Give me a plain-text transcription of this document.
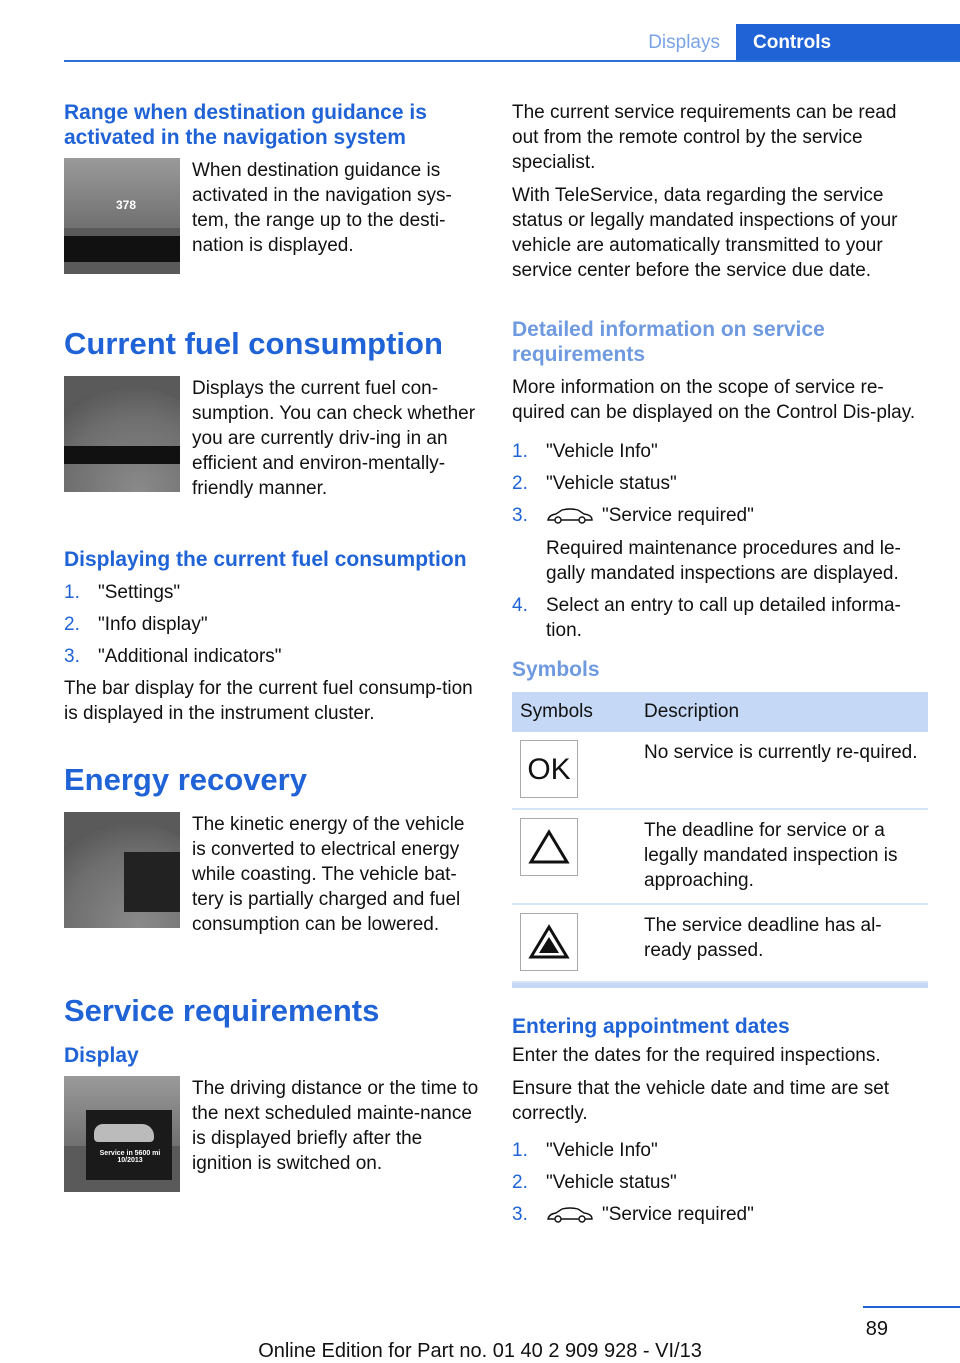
Displays	Controls
Range when destination guidance is activated in the navigation system
378

When destination guidance is activated in the navigation sys-tem, the range up to the desti-nation is displayed.

Current fuel consumption

Displays the current fuel con-sumption. You can check whether you are currently driv-ing in an efficient and environ-mentally-friendly manner.

Displaying the current fuel consumption
1. "Settings"
2. "Info display"
3. "Additional indicators"

The bar display for the current fuel consump-tion is displayed in the instrument cluster.

Energy recovery

The kinetic energy of the vehicle is converted to electrical energy while coasting. The vehicle bat-tery is partially charged and fuel consumption can be lowered.

Service requirements
Display
Service in 5600 mi
10/2013

The driving distance or the time to the next scheduled mainte-nance is displayed briefly after the ignition is switched on.

The current service requirements can be read out from the remote control by the service specialist.

With TeleService, data regarding the service status or legally mandated inspections of your vehicle are automatically transmitted to your service center before the service due date.

Detailed information on service requirements

More information on the scope of service re-quired can be displayed on the Control Dis-play.

1. "Vehicle Info"
2. "Vehicle status"
3.	"Service required"
Required maintenance procedures and le-gally mandated inspections are displayed.
4. Select an entry to call up detailed informa-tion.
Symbols
Symbols	Description

OK	No service is currently re-quired.

	The deadline for service or a legally mandated inspection is approaching.

	The service deadline has al-ready passed.
Entering appointment dates

Enter the dates for the required inspections.

Ensure that the vehicle date and time are set correctly.

1. "Vehicle Info"
2. "Vehicle status"
3.	"Service required"
89
Online Edition for Part no. 01 40 2 909 928 - VI/13
